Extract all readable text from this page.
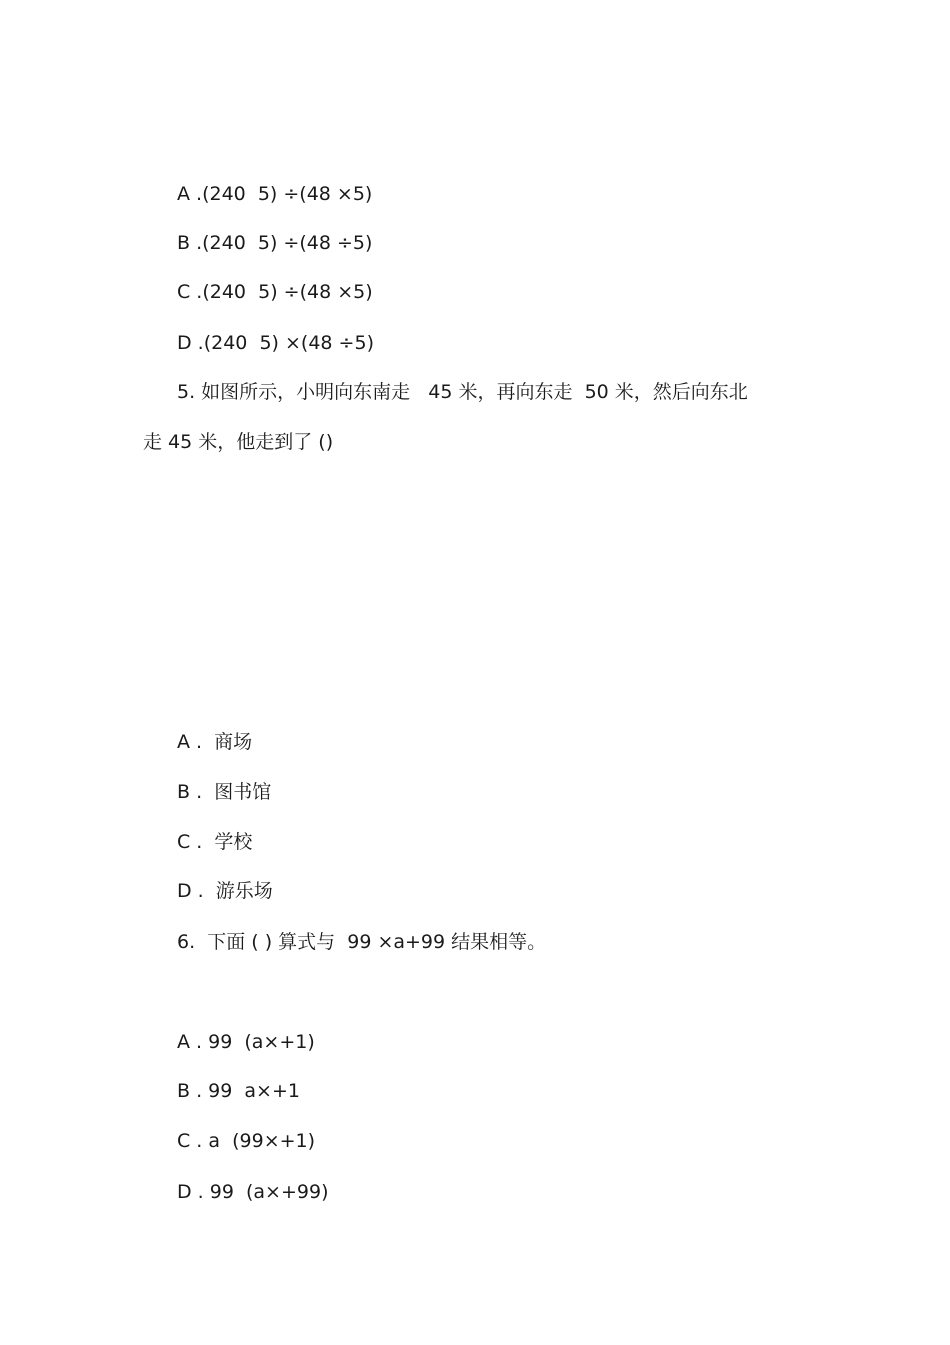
A .(240  5) ÷(48 ×5)
B .(240  5) ÷(48 ÷5)
C .(240  5) ÷(48 ×5)
D .(240  5) ×(48 ÷5)
5. 如图所示，小明向东南走   45 米，再向东走  50 米，然后向东北
走 45 米，他走到了 ()
A .  商场
B .  图书馆
C .  学校
D .  游乐场
6.  下面 ( ) 算式与  99 ×a+99 结果相等。
A . 99  (a×+1)
B . 99  a×+1
C . a  (99×+1)
D . 99  (a×+99)
